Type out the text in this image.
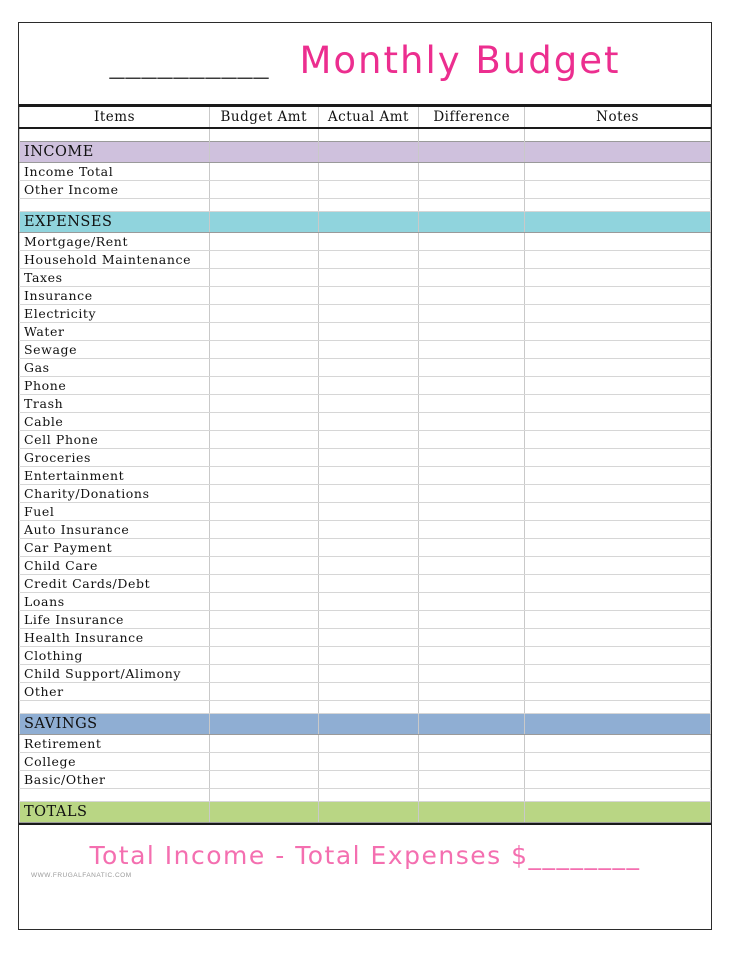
__________ Monthly Budget
Items	Budget Amt	Actual Amt	Difference	Notes

INCOME				
Income Total				
Other Income				

EXPENSES				
Mortgage/Rent				
Household Maintenance				
Taxes				
Insurance				
Electricity				
Water				
Sewage				
Gas				
Phone				
Trash				
Cable				
Cell Phone				
Groceries				
Entertainment				
Charity/Donations				
Fuel				
Auto Insurance				
Car Payment				
Child Care				
Credit Cards/Debt				
Loans				
Life Insurance				
Health Insurance				
Clothing				
Child Support/Alimony				
Other				

SAVINGS				
Retirement				
College				
Basic/Other				

TOTALS				
Total Income - Total Expenses $________
WWW.FRUGALFANATIC.COM
